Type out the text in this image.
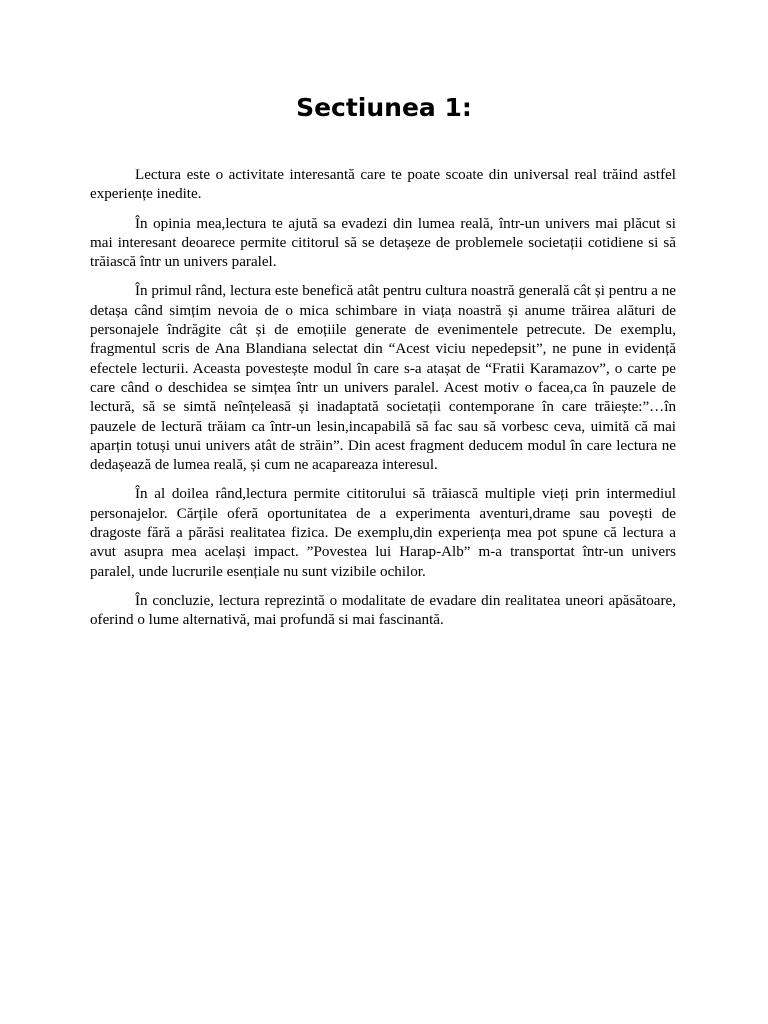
Sectiunea 1:

Lectura este o activitate interesantă care te poate scoate din universal real trăind astfel experiențe inedite.

În opinia mea,lectura te ajută sa evadezi din lumea reală, într-un univers mai plăcut si mai interesant deoarece permite cititorul să se detașeze de problemele societații cotidiene si să trăiască într un univers paralel.

În primul rând, lectura este benefică atât pentru cultura noastră generală cât și pentru a ne detașa când simțim nevoia de o mica schimbare in viața noastră și anume trăirea alături de personajele îndrăgite cât și de emoțiile generate de evenimentele petrecute. De exemplu, fragmentul scris de Ana Blandiana selectat din “Acest viciu nepedepsit”, ne pune in evidență efectele lecturii. Aceasta povestește modul în care s-a atașat de “Fratii Karamazov”, o carte pe care când o deschidea se simțea într un univers paralel. Acest motiv o facea,ca în pauzele de lectură, să se simtă neînțeleasă și inadaptată societații contemporane în care trăiește:”…în pauzele de lectură trăiam ca într-un lesin,incapabilă să fac sau să vorbesc ceva, uimită că mai aparțin totuși unui univers atât de străin”. Din acest fragment deducem modul în care lectura ne dedașează de lumea reală, și cum ne acapareaza interesul.

În al doilea rând,lectura permite cititorului să trăiască multiple vieți prin intermediul personajelor. Cărțile oferă oportunitatea de a experimenta aventuri,drame sau povești de dragoste fără a părăsi realitatea fizica. De exemplu,din experiența mea pot spune că lectura a avut asupra mea același impact. ”Povestea lui Harap-Alb” m-a transportat într-un univers paralel, unde lucrurile esențiale nu sunt vizibile ochilor.

În concluzie, lectura reprezintă o modalitate de evadare din realitatea uneori apăsătoare, oferind o lume alternativă, mai profundă si mai fascinantă.
